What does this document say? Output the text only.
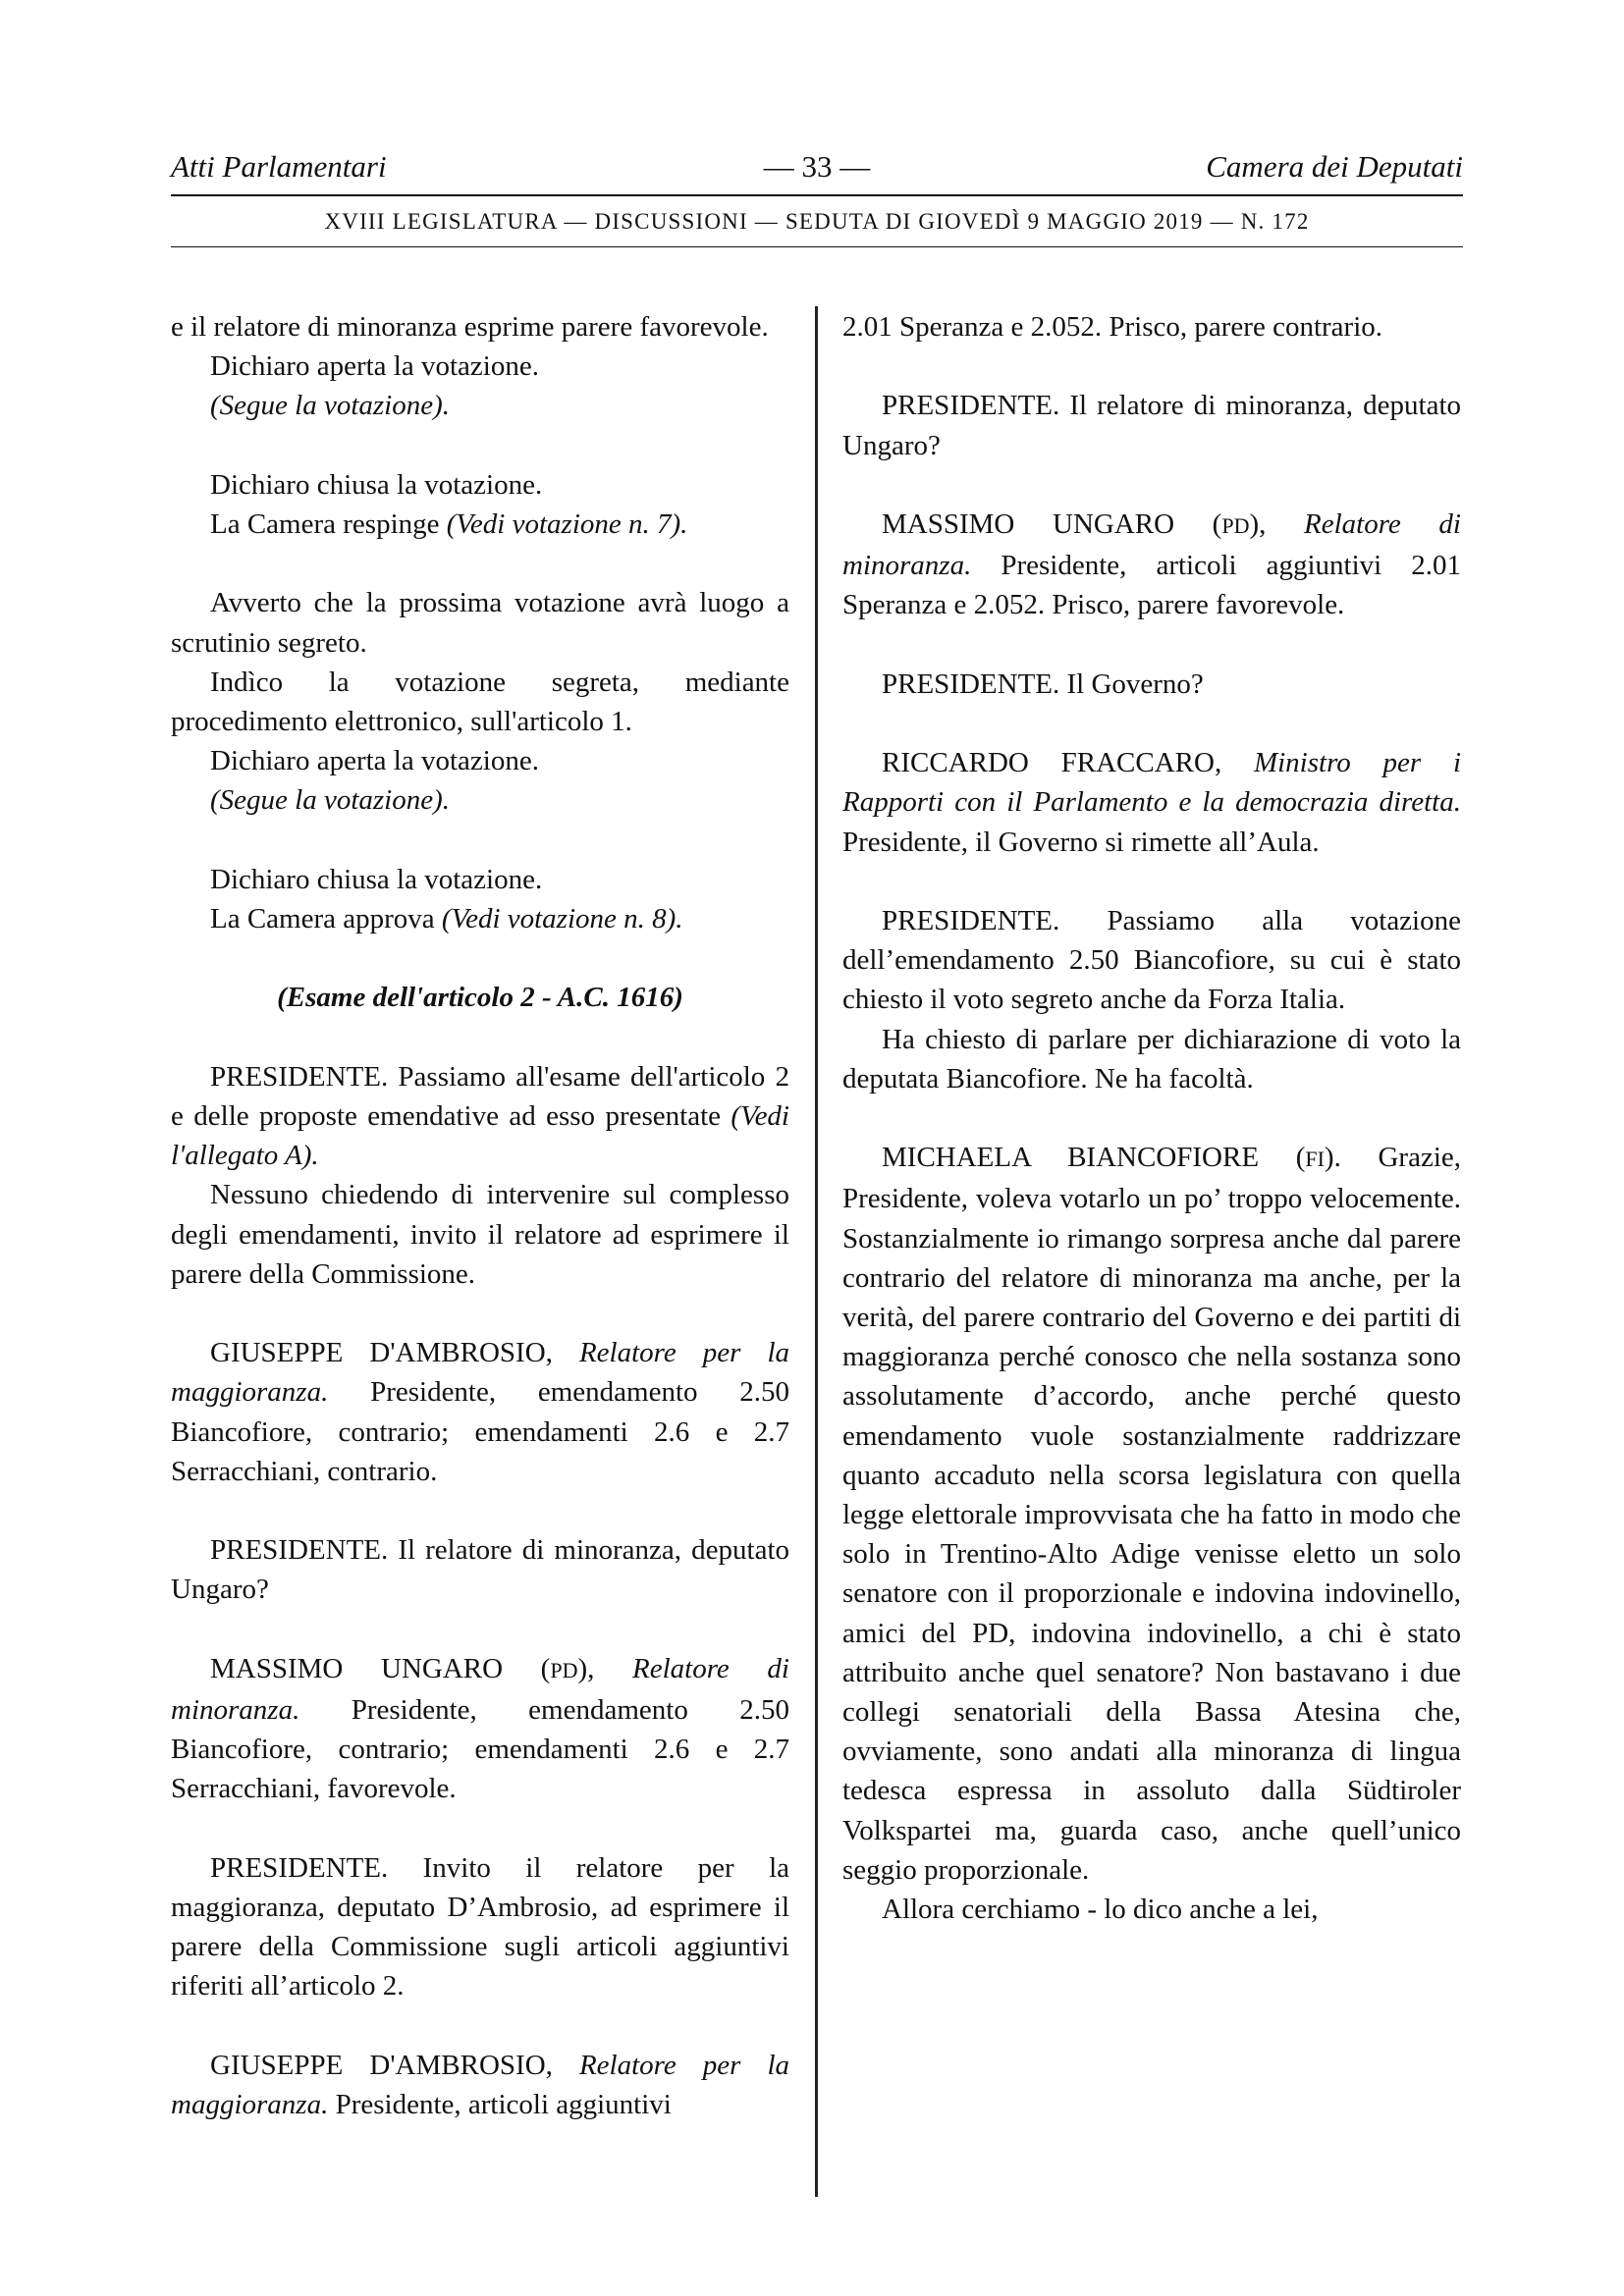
Atti Parlamentari	— 33 —	Camera dei Deputati
XVIII LEGISLATURA — DISCUSSIONI — SEDUTA DI GIOVEDÌ 9 MAGGIO 2019 — N. 172

e il relatore di minoranza esprime parere favorevole.

Dichiaro aperta la votazione.

(Segue la votazione).

Dichiaro chiusa la votazione.

La Camera respinge (Vedi votazione n. 7).

Avverto che la prossima votazione avrà luogo a scrutinio segreto.

Indìco la votazione segreta, mediante procedimento elettronico, sull'articolo 1.

Dichiaro aperta la votazione.

(Segue la votazione).

Dichiaro chiusa la votazione.

La Camera approva (Vedi votazione n. 8).

(Esame dell'articolo 2 - A.C. 1616)

PRESIDENTE. Passiamo all'esame dell'articolo 2 e delle proposte emendative ad esso presentate (Vedi l'allegato A).

Nessuno chiedendo di intervenire sul complesso degli emendamenti, invito il relatore ad esprimere il parere della Commissione.

GIUSEPPE D'AMBROSIO, Relatore per la maggioranza. Presidente, emendamento 2.50 Biancofiore, contrario; emendamenti 2.6 e 2.7 Serracchiani, contrario.

PRESIDENTE. Il relatore di minoranza, deputato Ungaro?

MASSIMO UNGARO (PD), Relatore di minoranza. Presidente, emendamento 2.50 Biancofiore, contrario; emendamenti 2.6 e 2.7 Serracchiani, favorevole.

PRESIDENTE. Invito il relatore per la maggioranza, deputato D’Ambrosio, ad esprimere il parere della Commissione sugli articoli aggiuntivi riferiti all’articolo 2.

GIUSEPPE D'AMBROSIO, Relatore per la maggioranza. Presidente, articoli aggiuntivi

2.01 Speranza e 2.052. Prisco, parere contrario.

PRESIDENTE. Il relatore di minoranza, deputato Ungaro?

MASSIMO UNGARO (PD), Relatore di minoranza. Presidente, articoli aggiuntivi 2.01 Speranza e 2.052. Prisco, parere favorevole.

PRESIDENTE. Il Governo?

RICCARDO FRACCARO, Ministro per i Rapporti con il Parlamento e la democrazia diretta. Presidente, il Governo si rimette all’Aula.

PRESIDENTE. Passiamo alla votazione dell’emendamento 2.50 Biancofiore, su cui è stato chiesto il voto segreto anche da Forza Italia.

Ha chiesto di parlare per dichiarazione di voto la deputata Biancofiore. Ne ha facoltà.

MICHAELA BIANCOFIORE (FI). Grazie, Presidente, voleva votarlo un po’ troppo velocemente. Sostanzialmente io rimango sorpresa anche dal parere contrario del relatore di minoranza ma anche, per la verità, del parere contrario del Governo e dei partiti di maggioranza perché conosco che nella sostanza sono assolutamente d’accordo, anche perché questo emendamento vuole sostanzialmente raddrizzare quanto accaduto nella scorsa legislatura con quella legge elettorale improvvisata che ha fatto in modo che solo in Trentino-Alto Adige venisse eletto un solo senatore con il proporzionale e indovina indovinello, amici del PD, indovina indovinello, a chi è stato attribuito anche quel senatore? Non bastavano i due collegi senatoriali della Bassa Atesina che, ovviamente, sono andati alla minoranza di lingua tedesca espressa in assoluto dalla Südtiroler Volkspartei ma, guarda caso, anche quell’unico seggio proporzionale.

Allora cerchiamo - lo dico anche a lei,
